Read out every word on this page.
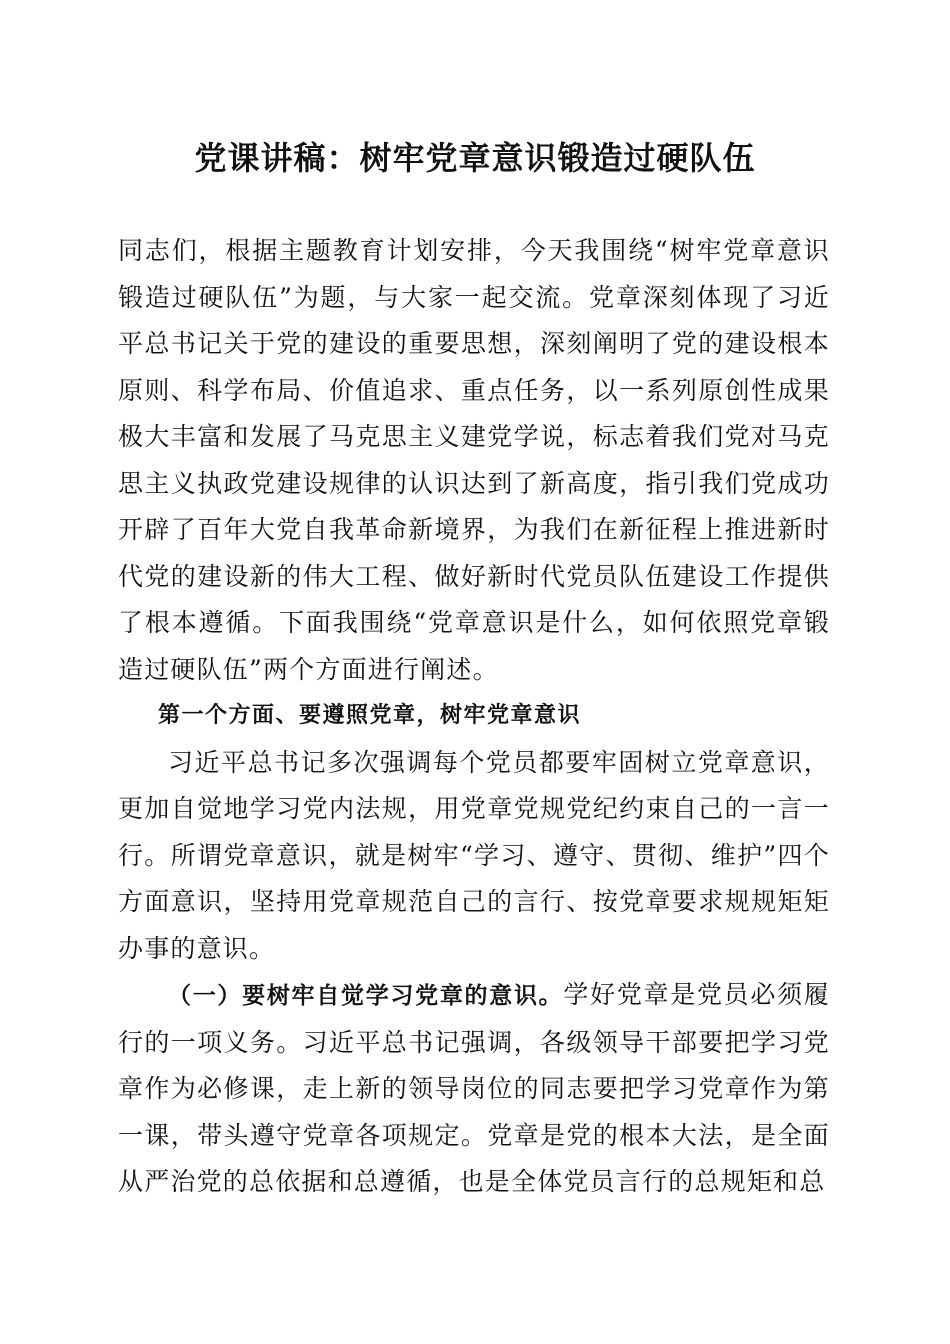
党课讲稿：树牢党章意识锻造过硬队伍

同志们，根据主题教育计划安排，今天我围绕“树牢党章意识锻造过硬队伍”为题，与大家一起交流。党章深刻体现了习近平总书记关于党的建设的重要思想，深刻阐明了党的建设根本原则、科学布局、价值追求、重点任务，以一系列原创性成果极大丰富和发展了马克思主义建党学说，标志着我们党对马克思主义执政党建设规律的认识达到了新高度，指引我们党成功开辟了百年大党自我革命新境界，为我们在新征程上推进新时代党的建设新的伟大工程、做好新时代党员队伍建设工作提供了根本遵循。下面我围绕“党章意识是什么，如何依照党章锻造过硬队伍”两个方面进行阐述。

第一个方面、要遵照党章，树牢党章意识

习近平总书记多次强调每个党员都要牢固树立党章意识，更加自觉地学习党内法规，用党章党规党纪约束自己的一言一行。所谓党章意识，就是树牢“学习、遵守、贯彻、维护”四个方面意识，坚持用党章规范自己的言行、按党章要求规规矩矩办事的意识。

（一）要树牢自觉学习党章的意识。学好党章是党员必须履行的一项义务。习近平总书记强调，各级领导干部要把学习党章作为必修课，走上新的领导岗位的同志要把学习党章作为第一课，带头遵守党章各项规定。党章是党的根本大法，是全面从严治党的总依据和总遵循，也是全体党员言行的总规矩和总
